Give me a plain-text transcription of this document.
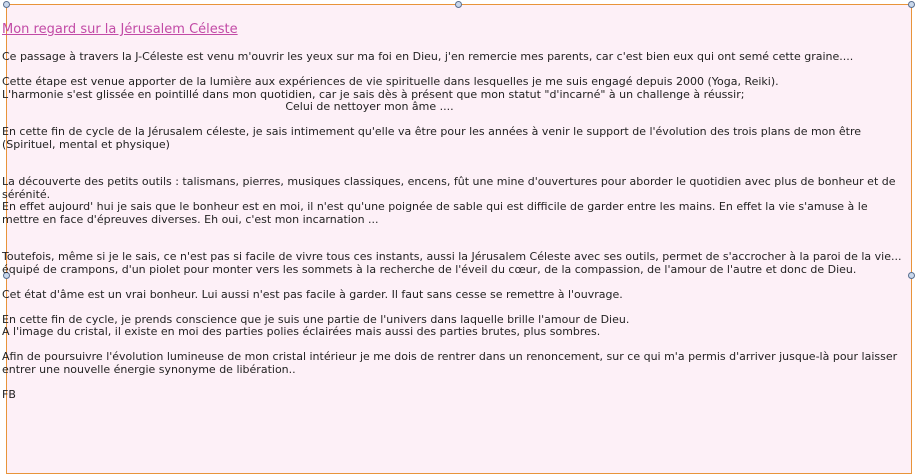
Mon regard sur la Jérusalem Céleste

Ce passage à travers la J-Céleste est venu m'ouvrir les yeux sur ma foi en Dieu, j'en remercie mes parents, car c'est bien eux qui ont semé cette graine....

Cette étape est venue apporter de la lumière aux expériences de vie spirituelle dans lesquelles je me suis engagé depuis 2000 (Yoga, Reiki).

L'harmonie s'est glissée en pointillé dans mon quotidien, car je sais dès à présent que mon statut "d'incarné" à un challenge à réussir;

Celui de nettoyer mon âme ....

En cette fin de cycle de la Jérusalem céleste, je sais intimement qu'elle va être pour les années à venir le support de l'évolution des trois plans de mon être (Spirituel, mental et physique)

La découverte des petits outils : talismans, pierres, musiques classiques, encens, fût une mine d'ouvertures pour aborder le quotidien avec plus de bonheur et de sérénité.

En effet aujourd' hui je sais que le bonheur est en moi, il n'est qu'une poignée de sable qui est difficile de garder entre les mains. En effet la vie s'amuse à le mettre en face d'épreuves diverses. Eh oui, c'est mon incarnation ...

Toutefois, même si je le sais, ce n'est pas si facile de vivre tous ces instants, aussi la Jérusalem Céleste avec ses outils, permet de s'accrocher à la paroi de la vie... équipé de crampons, d'un piolet pour monter vers les sommets à la recherche de l'éveil du cœur, de la compassion, de l'amour de l'autre et donc de Dieu.

Cet état d'âme est un vrai bonheur. Lui aussi n'est pas facile à garder. Il faut sans cesse se remettre à l'ouvrage.

En cette fin de cycle, je prends conscience que je suis une partie de l'univers dans laquelle brille l'amour de Dieu.

A l'image du cristal, il existe en moi des parties polies éclairées mais aussi des parties brutes, plus sombres.

Afin de poursuivre l'évolution lumineuse de mon cristal intérieur je me dois de rentrer dans un renoncement, sur ce qui m'a permis d'arriver jusque-là pour laisser entrer une nouvelle énergie synonyme de libération..

FB
